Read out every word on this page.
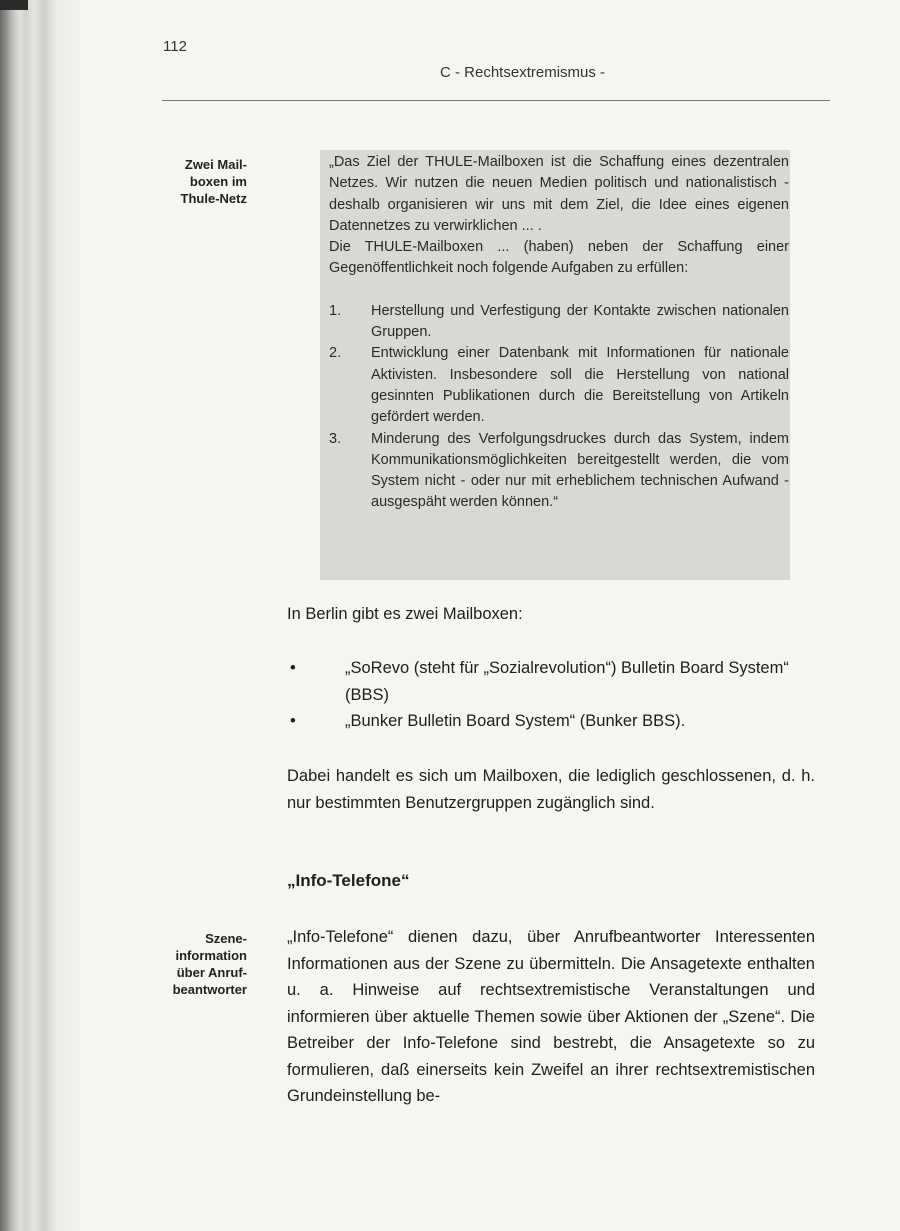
112
C - Rechtsextremismus -
Zwei Mail-
boxen im
Thule-Netz
Szene-
information
über Anruf-
beantworter

„Das Ziel der THULE-Mailboxen ist die Schaffung eines dezentralen Netzes. Wir nutzen die neuen Medien politisch und nationalistisch - deshalb organisieren wir uns mit dem Ziel, die Idee eines eigenen Datennetzes zu verwirklichen ... .

Die THULE-Mailboxen ... (haben) neben der Schaffung einer Gegenöffentlichkeit noch folgende Aufgaben zu erfüllen:

1. Herstellung und Verfestigung der Kontakte zwischen nationalen Gruppen.
2. Entwicklung einer Datenbank mit Informationen für nationale Aktivisten. Insbesondere soll die Herstellung von national gesinnten Publikationen durch die Bereitstellung von Artikeln gefördert werden.
3. Minderung des Verfolgungsdruckes durch das System, indem Kommunikationsmöglichkeiten bereitgestellt werden, die vom System nicht - oder nur mit erheblichem technischen Aufwand - ausgespäht werden können.“
In Berlin gibt es zwei Mailboxen:
•	„SoRevo (steht für „Sozialrevolution“) Bulletin Board System“ (BBS)
•	„Bunker Bulletin Board System“ (Bunker BBS).
Dabei handelt es sich um Mailboxen, die lediglich geschlossenen, d. h. nur bestimmten Benutzergruppen zugänglich sind.
„Info-Telefone“
„Info-Telefone“ dienen dazu, über Anrufbeantworter Interessenten Informationen aus der Szene zu übermitteln. Die Ansagetexte enthalten u. a. Hinweise auf rechtsextremistische Veranstaltungen und informieren über aktuelle Themen sowie über Aktionen der „Szene“. Die Betreiber der Info-Telefone sind bestrebt, die Ansagetexte so zu formulieren, daß einerseits kein Zweifel an ihrer rechtsextremistischen Grundeinstellung be-
